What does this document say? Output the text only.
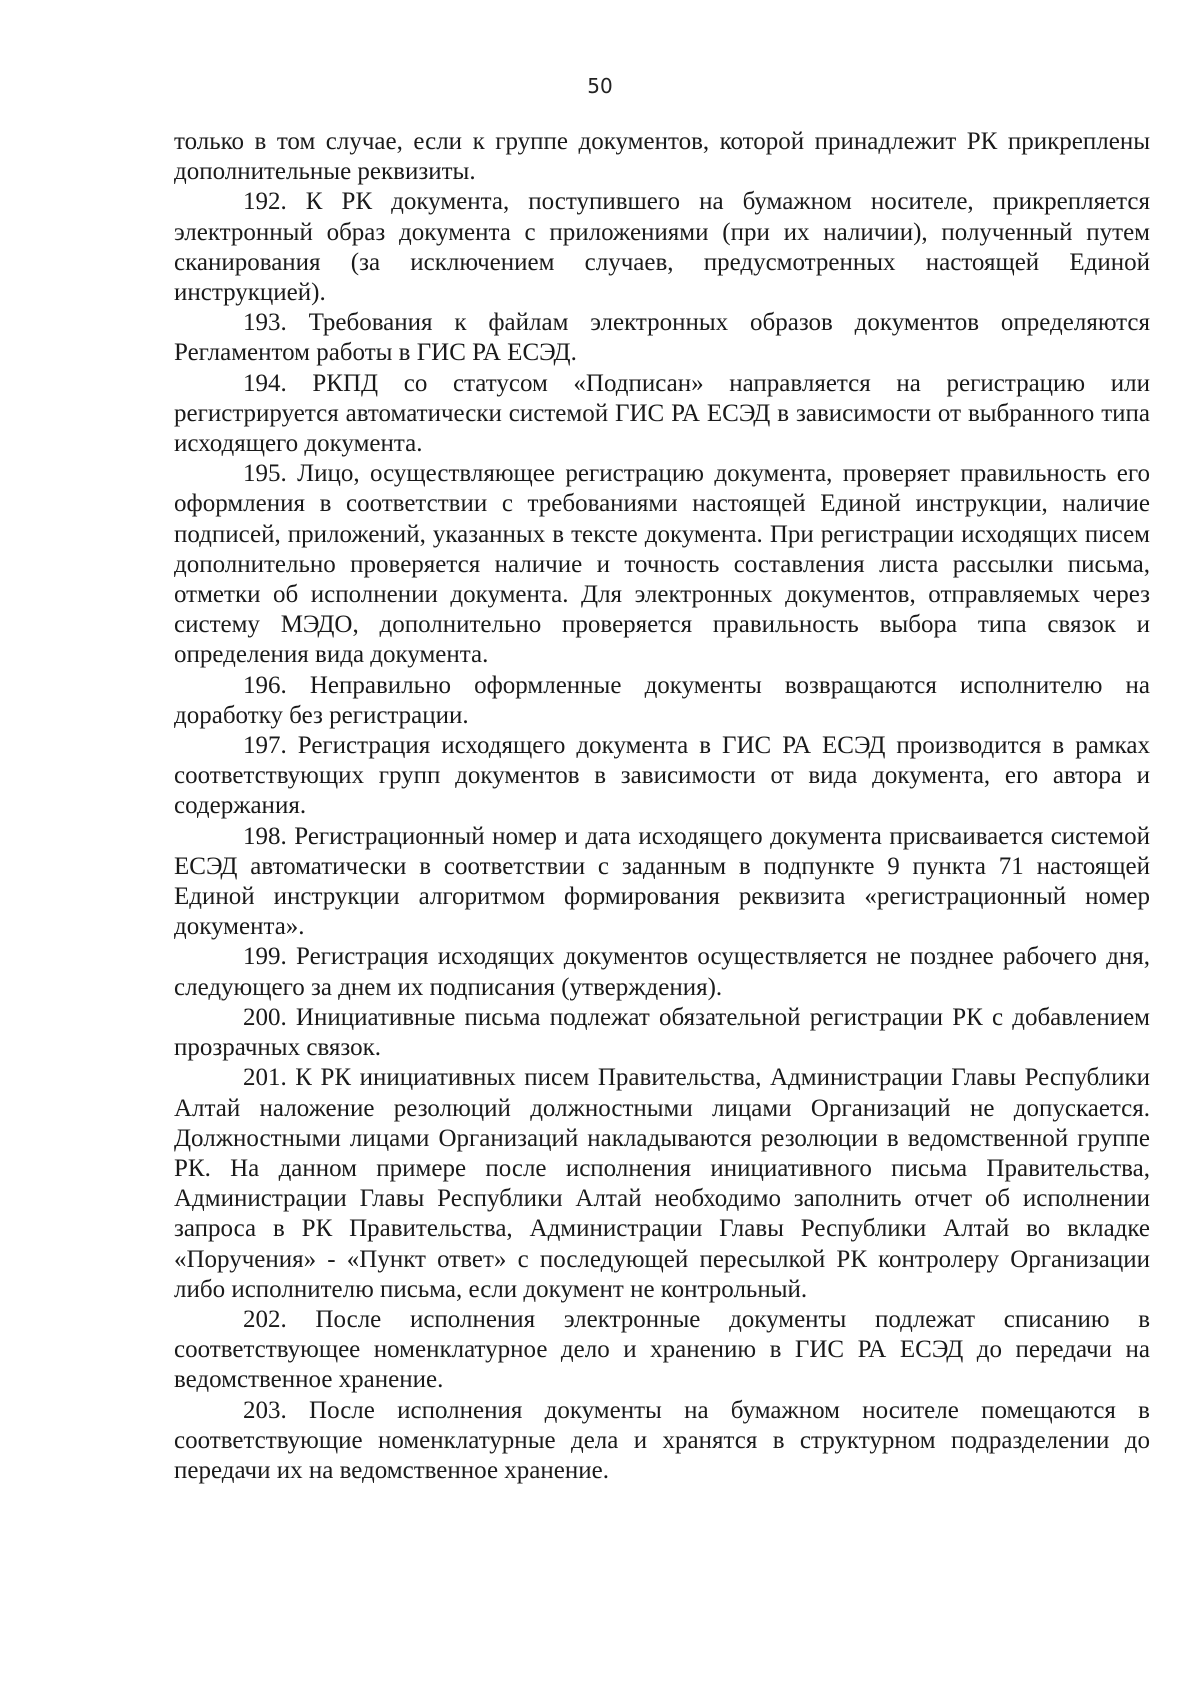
50

только в том случае, если к группе документов, которой принадлежит РК прикреплены дополнительные реквизиты.

192. К РК документа, поступившего на бумажном носителе, прикрепляется электронный образ документа с приложениями (при их наличии), полученный путем сканирования (за исключением случаев, предусмотренных настоящей Единой инструкцией).

193. Требования к файлам электронных образов документов определяются Регламентом работы в ГИС РА ЕСЭД.

194. РКПД со статусом «Подписан» направляется на регистрацию или регистрируется автоматически системой ГИС РА ЕСЭД в зависимости от выбранного типа исходящего документа.

195. Лицо, осуществляющее регистрацию документа, проверяет правильность его оформления в соответствии с требованиями настоящей Единой инструкции, наличие подписей, приложений, указанных в тексте документа. При регистрации исходящих писем дополнительно проверяется наличие и точность составления листа рассылки письма, отметки об исполнении документа. Для электронных документов, отправляемых через систему МЭДО, дополнительно проверяется правильность выбора типа связок и определения вида документа.

196. Неправильно оформленные документы возвращаются исполнителю на доработку без регистрации.

197. Регистрация исходящего документа в ГИС РА ЕСЭД производится в рамках соответствующих групп документов в зависимости от вида документа, его автора и содержания.

198. Регистрационный номер и дата исходящего документа присваивается системой ЕСЭД автоматически в соответствии с заданным в подпункте 9 пункта 71 настоящей Единой инструкции алгоритмом формирования реквизита «регистрационный номер документа».

199. Регистрация исходящих документов осуществляется не позднее рабочего дня, следующего за днем их подписания (утверждения).

200. Инициативные письма подлежат обязательной регистрации РК с добавлением прозрачных связок.

201. К РК инициативных писем Правительства, Администрации Главы Республики Алтай наложение резолюций должностными лицами Организаций не допускается. Должностными лицами Организаций накладываются резолюции в ведомственной группе РК. На данном примере после исполнения инициативного письма Правительства, Администрации Главы Республики Алтай необходимо заполнить отчет об исполнении запроса в РК Правительства, Администрации Главы Республики Алтай во вкладке «Поручения» - «Пункт ответ» с последующей пересылкой РК контролеру Организации либо исполнителю письма, если документ не контрольный.

202. После исполнения электронные документы подлежат списанию в соответствующее номенклатурное дело и хранению в ГИС РА ЕСЭД до передачи на ведомственное хранение.

203. После исполнения документы на бумажном носителе помещаются в соответствующие номенклатурные дела и хранятся в структурном подразделении до передачи их на ведомственное хранение.
